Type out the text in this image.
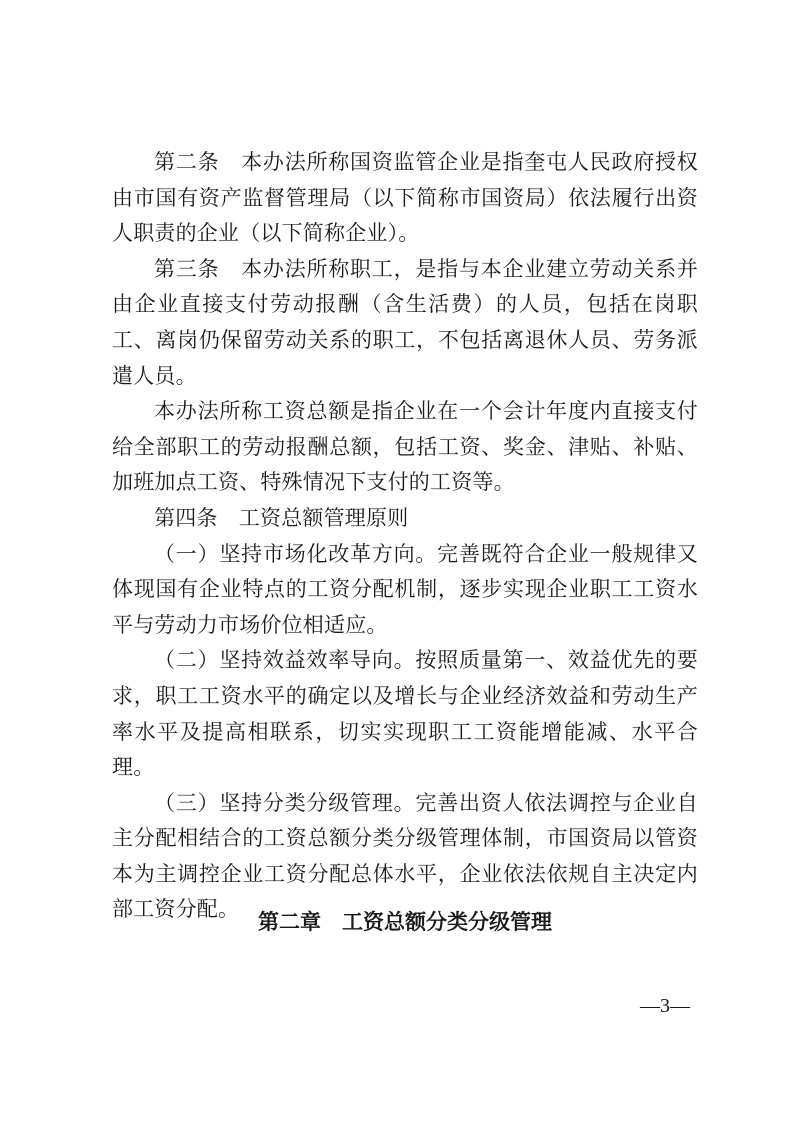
第二条　本办法所称国资监管企业是指奎屯人民政府授权由市国有资产监督管理局（以下简称市国资局）依法履行出资人职责的企业（以下简称企业）。

第三条　本办法所称职工，是指与本企业建立劳动关系并由企业直接支付劳动报酬（含生活费）的人员，包括在岗职工、离岗仍保留劳动关系的职工，不包括离退休人员、劳务派遣人员。

本办法所称工资总额是指企业在一个会计年度内直接支付给全部职工的劳动报酬总额，包括工资、奖金、津贴、补贴、加班加点工资、特殊情况下支付的工资等。

第四条　工资总额管理原则

（一）坚持市场化改革方向。完善既符合企业一般规律又体现国有企业特点的工资分配机制，逐步实现企业职工工资水平与劳动力市场价位相适应。

（二）坚持效益效率导向。按照质量第一、效益优先的要求，职工工资水平的确定以及增长与企业经济效益和劳动生产率水平及提高相联系，切实实现职工工资能增能减、水平合理。

（三）坚持分类分级管理。完善出资人依法调控与企业自主分配相结合的工资总额分类分级管理体制，市国资局以管资本为主调控企业工资分配总体水平，企业依法依规自主决定内部工资分配。

第二章　工资总额分类分级管理
—3—
